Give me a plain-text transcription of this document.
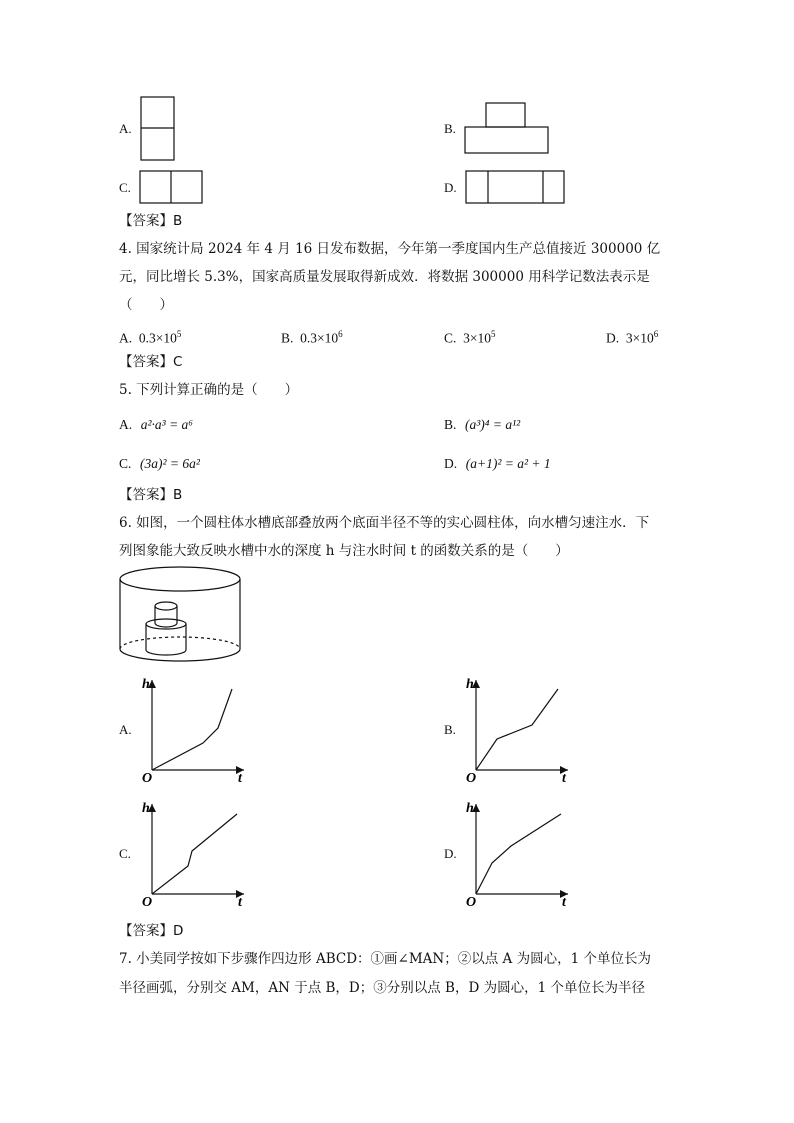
A.	B.
C.	D.
【答案】B
4. 国家统计局 2024 年 4 月 16 日发布数据，今年第一季度国内生产总值接近 300000 亿
元，同比增长 5.3%，国家高质量发展取得新成效．将数据 300000 用科学记数法表示是
（　　）
A. $0.3\times 10^5$	B. $0.3\times 10^6$	C. $3\times 10^5$	D. $3\times 10^6$
【答案】C
5. 下列计算正确的是（　　）
A. a²·a³ = a⁶	B. (a³)⁴ = a¹²
C. (3a)² = 6a²	D. (a+1)² = a² + 1
【答案】B
6. 如图，一个圆柱体水槽底部叠放两个底面半径不等的实心圆柱体，向水槽匀速注水．下
列图象能大致反映水槽中水的深度 h 与注水时间 t 的函数关系的是（　　）
A.
h
t
O
B.
h
t
O
C.
h
t
O
D.
h
t
O
【答案】D
7. 小美同学按如下步骤作四边形 ABCD：①画∠MAN；②以点 A 为圆心，1 个单位长为
半径画弧，分别交 AM，AN 于点 B，D；③分别以点 B，D 为圆心，1 个单位长为半径
